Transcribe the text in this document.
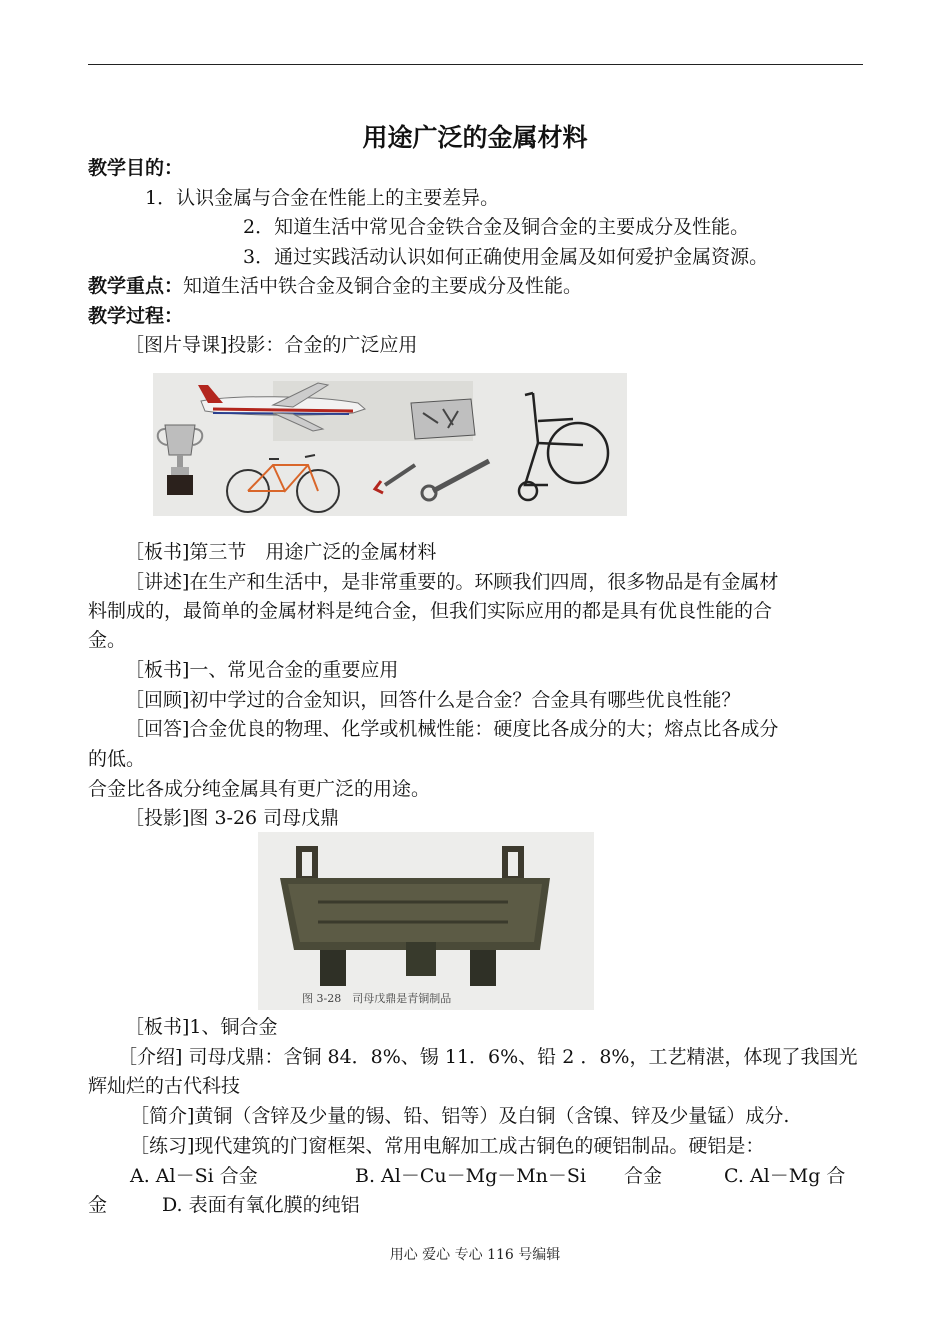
用途广泛的金属材料
教学目的：
1．认识金属与合金在性能上的主要差异。
2．知道生活中常见合金铁合金及铜合金的主要成分及性能。
3．通过实践活动认识如何正确使用金属及如何爱护金属资源。
教学重点：知道生活中铁合金及铜合金的主要成分及性能。
教学过程：
［图片导课]投影：合金的广泛应用
［板书]第三节　用途广泛的金属材料
［讲述]在生产和生活中，是非常重要的。环顾我们四周，很多物品是有金属材
料制成的，最简单的金属材料是纯合金，但我们实际应用的都是具有优良性能的合
金。
［板书]一、常见合金的重要应用
［回顾]初中学过的合金知识，回答什么是合金？合金具有哪些优良性能？
［回答]合金优良的物理、化学或机械性能：硬度比各成分的大；熔点比各成分
的低。
合金比各成分纯金属具有更广泛的用途。
［投影]图 3-26 司母戊鼎
图 3-28　司母戊鼎是青铜制品
［板书]1、铜合金
［介绍] 司母戊鼎：含铜 84．8%、锡 11．6%、铅 2 ．8%，工艺精湛，体现了我国光
辉灿烂的古代科技
［简介]黄铜（含锌及少量的锡、铅、铝等）及白铜（含镍、锌及少量锰）成分.
［练习]现代建筑的门窗框架、常用电解加工成古铜色的硬铝制品。硬铝是：
A. Al－Si 合金	B. Al－Cu－Mg－Mn－Si　　合金	C. Al－Mg 合
金	D. 表面有氧化膜的纯铝
用心 爱心 专心 116 号编辑
